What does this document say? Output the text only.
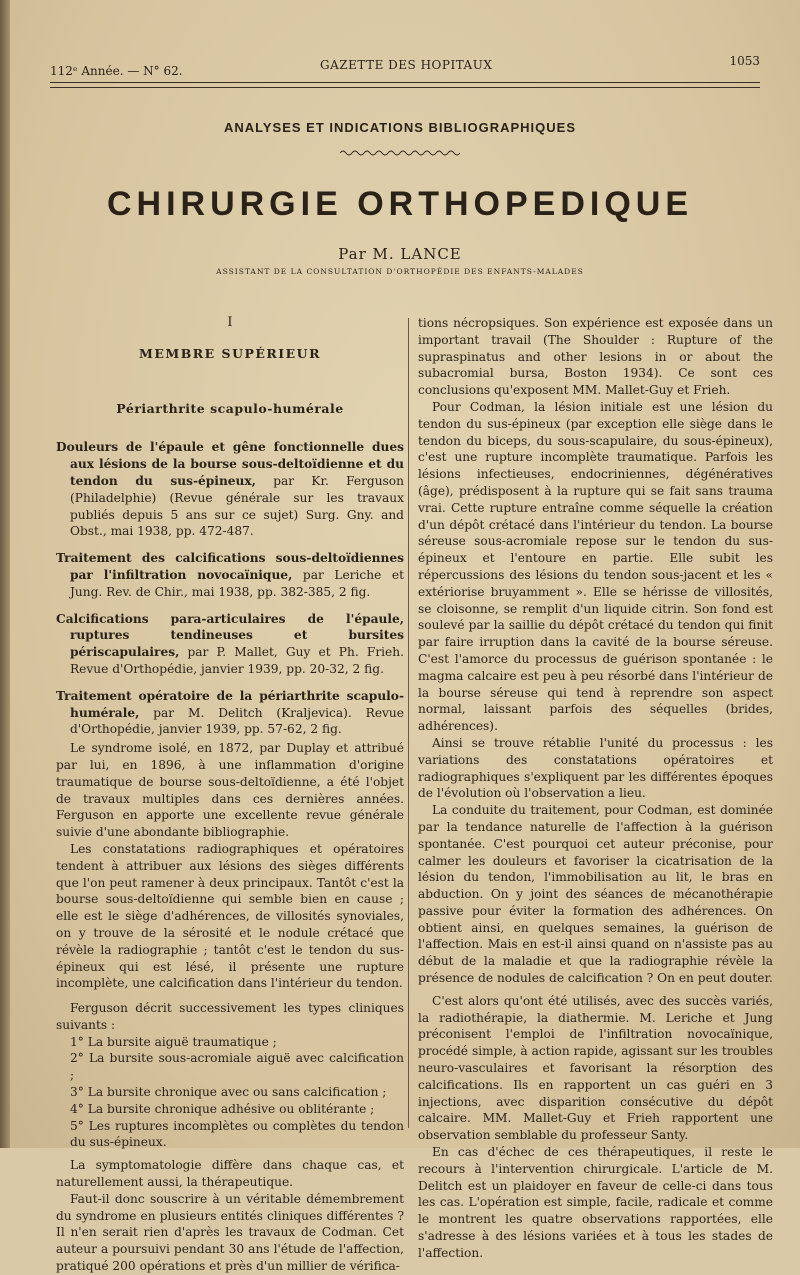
112ᵉ Année. — N° 62.	GAZETTE DES HOPITAUX	1053
ANALYSES ET INDICATIONS BIBLIOGRAPHIQUES
CHIRURGIE ORTHOPEDIQUE
Par M. LANCE
ASSISTANT DE LA CONSULTATION D'ORTHOPÉDIE DES ENFANTS-MALADES
I
MEMBRE SUPÉRIEUR
Périarthrite scapulo-humérale
Douleurs de l'épaule et gêne fonctionnelle dues aux lésions de la bourse sous-deltoïdienne et du tendon du sus-épineux, par Kr. Ferguson (Philadelphie) (Revue générale sur les travaux publiés depuis 5 ans sur ce sujet) Surg. Gny. and Obst., mai 1938, pp. 472-487.
Traitement des calcifications sous-deltoïdiennes par l'infiltration novocaïnique, par Leriche et Jung. Rev. de Chir., mai 1938, pp. 382-385, 2 fig.
Calcifications para-articulaires de l'épaule, ruptures tendineuses et bursites périscapulaires, par P. Mallet, Guy et Ph. Frieh. Revue d'Orthopédie, janvier 1939, pp. 20-32, 2 fig.
Traitement opératoire de la périarthrite scapulo-humérale, par M. Delitch (Kraljevica). Revue d'Orthopédie, janvier 1939, pp. 57-62, 2 fig.

Le syndrome isolé, en 1872, par Duplay et attribué par lui, en 1896, à une inflammation d'origine traumatique de bourse sous-deltoïdienne, a été l'objet de travaux multiples dans ces dernières années. Ferguson en apporte une excellente revue générale suivie d'une abondante bibliographie.

Les constatations radiographiques et opératoires tendent à attribuer aux lésions des sièges différents que l'on peut ramener à deux principaux. Tantôt c'est la bourse sous-deltoïdienne qui semble bien en cause ; elle est le siège d'adhérences, de villosités synoviales, on y trouve de la sérosité et le nodule crétacé que révèle la radiographie ; tantôt c'est le tendon du sus-épineux qui est lésé, il présente une rupture incomplète, une calcification dans l'intérieur du tendon.

Ferguson décrit successivement les types cliniques suivants :

1° La bursite aiguë traumatique ;
2° La bursite sous-acromiale aiguë avec calcification ;
3° La bursite chronique avec ou sans calcification ;
4° La bursite chronique adhésive ou oblitérante ;
5° Les ruptures incomplètes ou complètes du tendon du sus-épineux.

La symptomatologie diffère dans chaque cas, et naturellement aussi, la thérapeutique.

Faut-il donc souscrire à un véritable démembrement du syndrome en plusieurs entités cliniques différentes ? Il n'en serait rien d'après les travaux de Codman. Cet auteur a poursuivi pendant 30 ans l'étude de l'affection, pratiqué 200 opérations et près d'un millier de vérifica-

tions nécropsiques. Son expérience est exposée dans un important travail (The Shoulder : Rupture of the supraspinatus and other lesions in or about the subacromial bursa, Boston 1934). Ce sont ces conclusions qu'exposent MM. Mallet-Guy et Frieh.

Pour Codman, la lésion initiale est une lésion du tendon du sus-épineux (par exception elle siège dans le tendon du biceps, du sous-scapulaire, du sous-épineux), c'est une rupture incomplète traumatique. Parfois les lésions infectieuses, endocriniennes, dégénératives (âge), prédisposent à la rupture qui se fait sans trauma vrai. Cette rupture entraîne comme séquelle la création d'un dépôt crétacé dans l'intérieur du tendon. La bourse séreuse sous-acromiale repose sur le tendon du sus-épineux et l'entoure en partie. Elle subit les répercussions des lésions du tendon sous-jacent et les « extériorise bruyamment ». Elle se hérisse de villosités, se cloisonne, se remplit d'un liquide citrin. Son fond est soulevé par la saillie du dépôt crétacé du tendon qui finit par faire irruption dans la cavité de la bourse séreuse. C'est l'amorce du processus de guérison spontanée : le magma calcaire est peu à peu résorbé dans l'intérieur de la bourse séreuse qui tend à reprendre son aspect normal, laissant parfois des séquelles (brides, adhérences).

Ainsi se trouve rétablie l'unité du processus : les variations des constatations opératoires et radiographiques s'expliquent par les différentes époques de l'évolution où l'observation a lieu.

La conduite du traitement, pour Codman, est dominée par la tendance naturelle de l'affection à la guérison spontanée. C'est pourquoi cet auteur préconise, pour calmer les douleurs et favoriser la cicatrisation de la lésion du tendon, l'immobilisation au lit, le bras en abduction. On y joint des séances de mécanothérapie passive pour éviter la formation des adhérences. On obtient ainsi, en quelques semaines, la guérison de l'affection. Mais en est-il ainsi quand on n'assiste pas au début de la maladie et que la radiographie révèle la présence de nodules de calcification ? On en peut douter.

C'est alors qu'ont été utilisés, avec des succès variés, la radiothérapie, la diathermie. M. Leriche et Jung préconisent l'emploi de l'infiltration novocaïnique, procédé simple, à action rapide, agissant sur les troubles neuro-vasculaires et favorisant la résorption des calcifications. Ils en rapportent un cas guéri en 3 injections, avec disparition consécutive du dépôt calcaire. MM. Mallet-Guy et Frieh rapportent une observation semblable du professeur Santy.

En cas d'échec de ces thérapeutiques, il reste le recours à l'intervention chirurgicale. L'article de M. Delitch est un plaidoyer en faveur de celle-ci dans tous les cas. L'opération est simple, facile, radicale et comme le montrent les quatre observations rapportées, elle s'adresse à des lésions variées et à tous les stades de l'affection.
